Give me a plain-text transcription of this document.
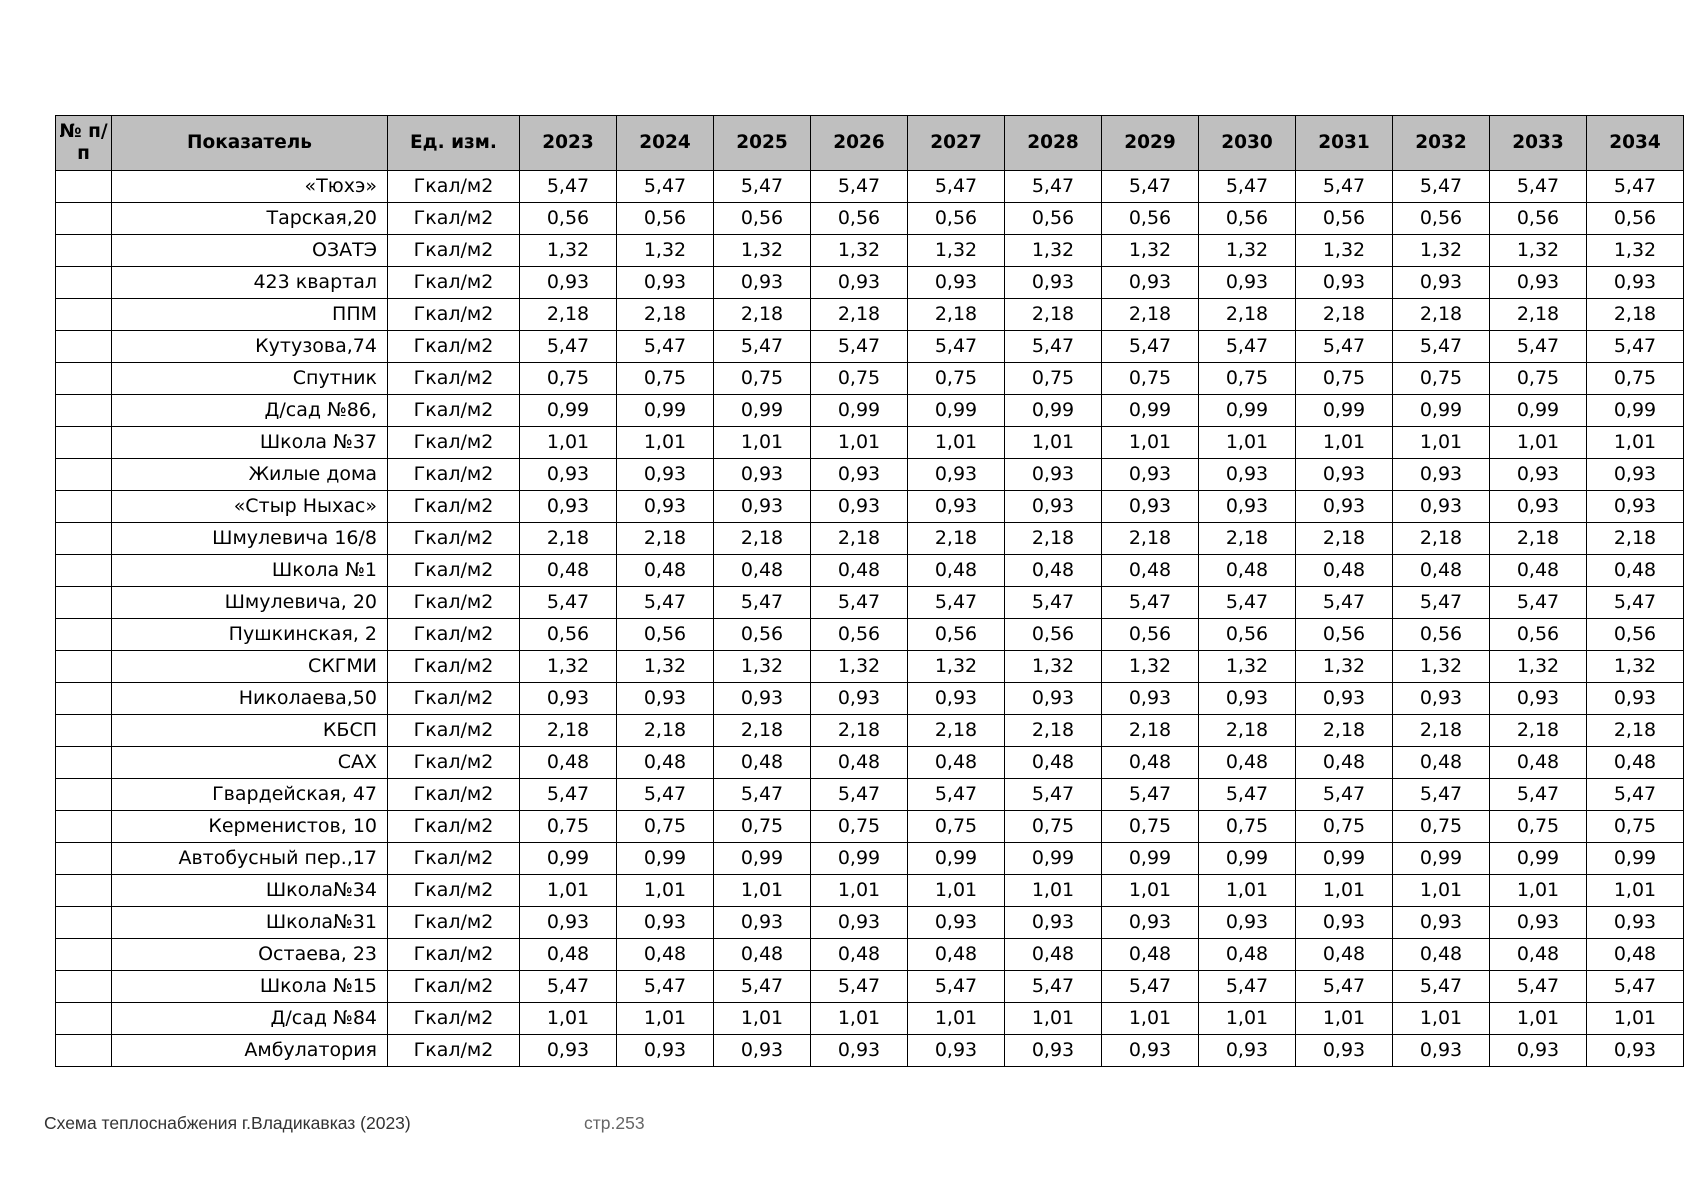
№ п/п	Показатель	Ед. изм.	2023	2024	2025	2026	2027	2028	2029	2030	2031	2032	2033	2034
	«Тюхэ»	Гкал/м2	5,47	5,47	5,47	5,47	5,47	5,47	5,47	5,47	5,47	5,47	5,47	5,47
	Тарская,20	Гкал/м2	0,56	0,56	0,56	0,56	0,56	0,56	0,56	0,56	0,56	0,56	0,56	0,56
	ОЗАТЭ	Гкал/м2	1,32	1,32	1,32	1,32	1,32	1,32	1,32	1,32	1,32	1,32	1,32	1,32
	423 квартал	Гкал/м2	0,93	0,93	0,93	0,93	0,93	0,93	0,93	0,93	0,93	0,93	0,93	0,93
	ППМ	Гкал/м2	2,18	2,18	2,18	2,18	2,18	2,18	2,18	2,18	2,18	2,18	2,18	2,18
	Кутузова,74	Гкал/м2	5,47	5,47	5,47	5,47	5,47	5,47	5,47	5,47	5,47	5,47	5,47	5,47
	Спутник	Гкал/м2	0,75	0,75	0,75	0,75	0,75	0,75	0,75	0,75	0,75	0,75	0,75	0,75
	Д/сад №86,	Гкал/м2	0,99	0,99	0,99	0,99	0,99	0,99	0,99	0,99	0,99	0,99	0,99	0,99
	Школа №37	Гкал/м2	1,01	1,01	1,01	1,01	1,01	1,01	1,01	1,01	1,01	1,01	1,01	1,01
	Жилые дома	Гкал/м2	0,93	0,93	0,93	0,93	0,93	0,93	0,93	0,93	0,93	0,93	0,93	0,93
	«Стыр Ныхас»	Гкал/м2	0,93	0,93	0,93	0,93	0,93	0,93	0,93	0,93	0,93	0,93	0,93	0,93
	Шмулевича 16/8	Гкал/м2	2,18	2,18	2,18	2,18	2,18	2,18	2,18	2,18	2,18	2,18	2,18	2,18
	Школа №1	Гкал/м2	0,48	0,48	0,48	0,48	0,48	0,48	0,48	0,48	0,48	0,48	0,48	0,48
	Шмулевича, 20	Гкал/м2	5,47	5,47	5,47	5,47	5,47	5,47	5,47	5,47	5,47	5,47	5,47	5,47
	Пушкинская, 2	Гкал/м2	0,56	0,56	0,56	0,56	0,56	0,56	0,56	0,56	0,56	0,56	0,56	0,56
	СКГМИ	Гкал/м2	1,32	1,32	1,32	1,32	1,32	1,32	1,32	1,32	1,32	1,32	1,32	1,32
	Николаева,50	Гкал/м2	0,93	0,93	0,93	0,93	0,93	0,93	0,93	0,93	0,93	0,93	0,93	0,93
	КБСП	Гкал/м2	2,18	2,18	2,18	2,18	2,18	2,18	2,18	2,18	2,18	2,18	2,18	2,18
	САХ	Гкал/м2	0,48	0,48	0,48	0,48	0,48	0,48	0,48	0,48	0,48	0,48	0,48	0,48
	Гвардейская, 47	Гкал/м2	5,47	5,47	5,47	5,47	5,47	5,47	5,47	5,47	5,47	5,47	5,47	5,47
	Керменистов, 10	Гкал/м2	0,75	0,75	0,75	0,75	0,75	0,75	0,75	0,75	0,75	0,75	0,75	0,75
	Автобусный пер.,17	Гкал/м2	0,99	0,99	0,99	0,99	0,99	0,99	0,99	0,99	0,99	0,99	0,99	0,99
	Школа№34	Гкал/м2	1,01	1,01	1,01	1,01	1,01	1,01	1,01	1,01	1,01	1,01	1,01	1,01
	Школа№31	Гкал/м2	0,93	0,93	0,93	0,93	0,93	0,93	0,93	0,93	0,93	0,93	0,93	0,93
	Остаева, 23	Гкал/м2	0,48	0,48	0,48	0,48	0,48	0,48	0,48	0,48	0,48	0,48	0,48	0,48
	Школа №15	Гкал/м2	5,47	5,47	5,47	5,47	5,47	5,47	5,47	5,47	5,47	5,47	5,47	5,47
	Д/сад №84	Гкал/м2	1,01	1,01	1,01	1,01	1,01	1,01	1,01	1,01	1,01	1,01	1,01	1,01
	Амбулатория	Гкал/м2	0,93	0,93	0,93	0,93	0,93	0,93	0,93	0,93	0,93	0,93	0,93	0,93
Схема теплоснабжения г.Владикавказ (2023)	стр.253
